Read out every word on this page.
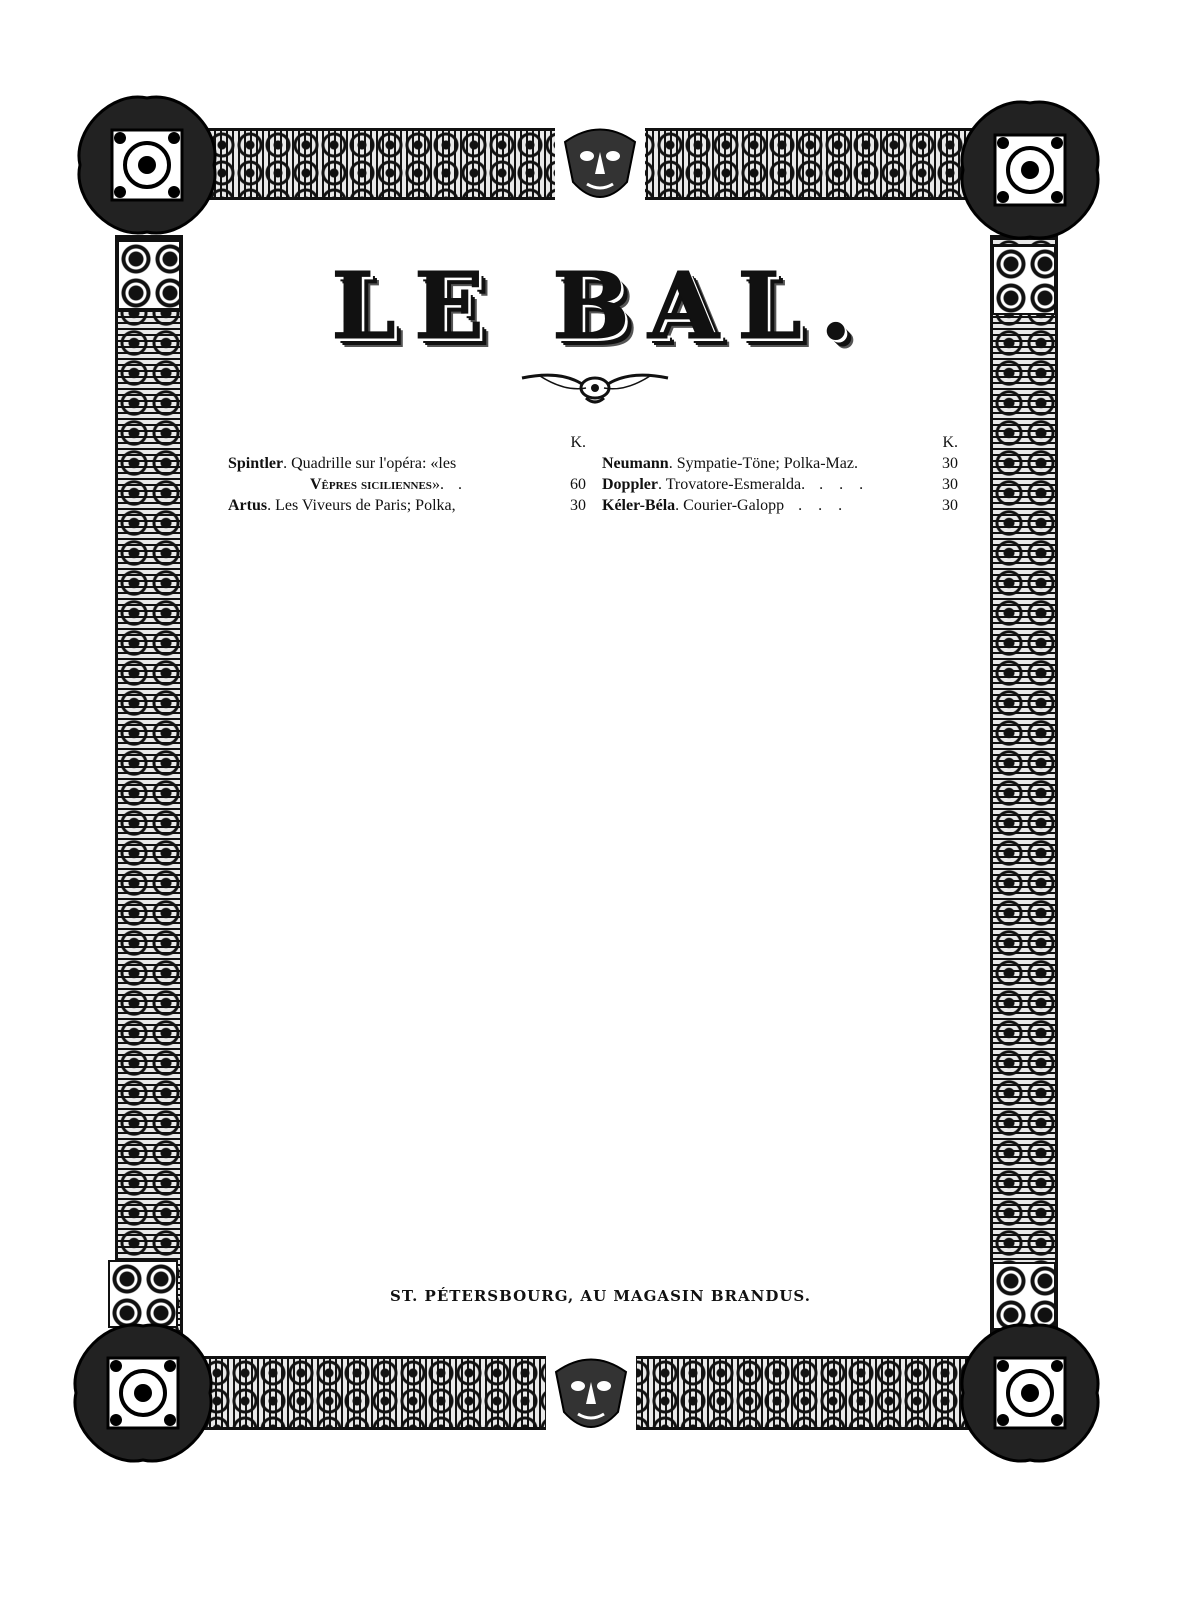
LE BAL.
K.
Spintler. Quadrille sur l'opéra: «les
Vêpres siciliennes».  .	60
Artus. Les Viveurs de Paris; Polka,	30
K.
Neumann. Sympatie-Töne; Polka-Maz.	30
Doppler. Trovatore-Esmeralda.  . . .	30
Kéler-Béla. Courier-Galopp  . . .	30
ST. PÉTERSBOURG, AU MAGASIN BRANDUS.
